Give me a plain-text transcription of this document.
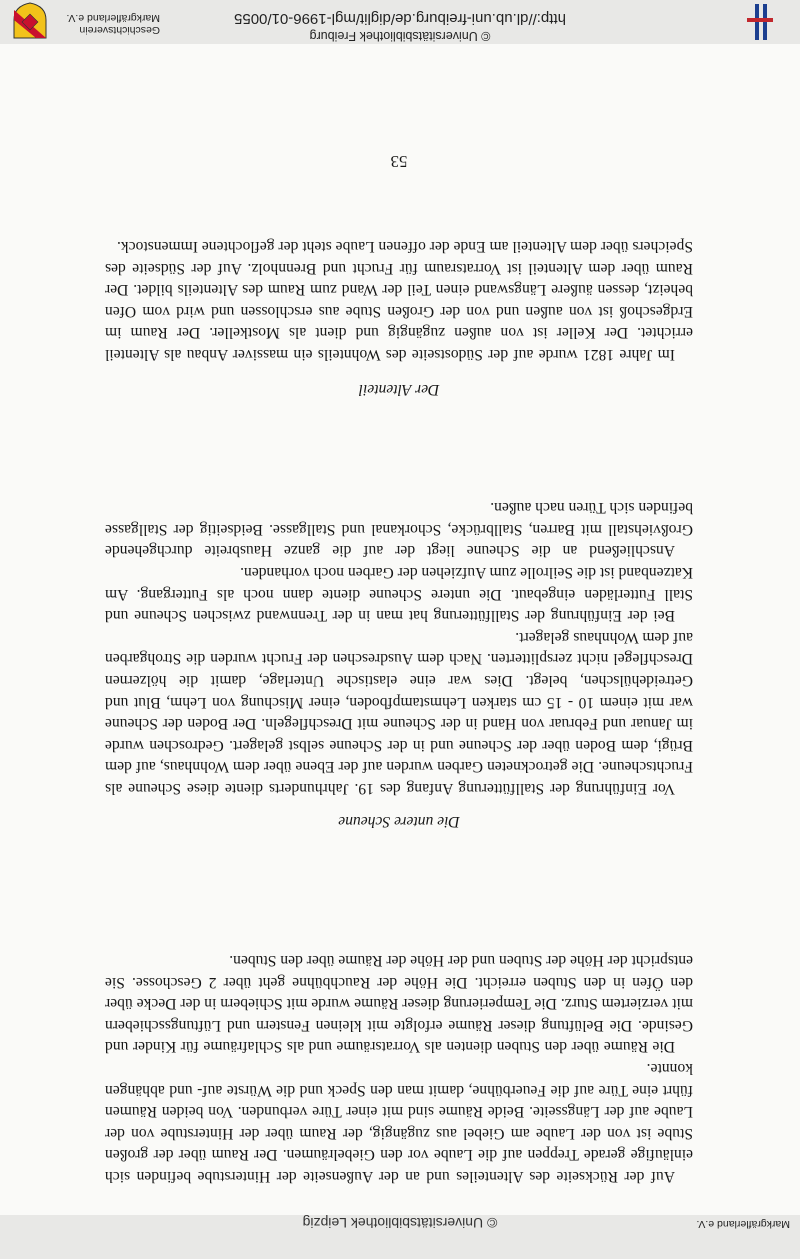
© Universitätsbibliothek Leipzig	Markgräflerland e.V.

Auf der Rückseite des Altenteiles und an der Außenseite der Hinterstube befinden sich einläufige gerade Treppen auf die Laube vor den Giebelräumen. Der Raum über der großen Stube ist von der Laube am Giebel aus zugängig, der Raum über der Hinterstube von der Laube auf der Längsseite. Beide Räume sind mit einer Türe verbunden. Von beiden Räumen führt eine Türe auf die Feuerbühne, damit man den Speck und die Würste auf- und abhängen konnte.

Die Räume über den Stuben dienten als Vorratsräume und als Schlafräume für Kinder und Gesinde. Die Belüftung dieser Räume erfolgte mit kleinen Fenstern und Lüftungsschiebern mit verziertem Sturz. Die Temperierung dieser Räume wurde mit Schiebern in der Decke über den Öfen in den Stuben erreicht. Die Höhe der Rauchbühne geht über 2 Geschosse. Sie entspricht der Höhe der Stuben und der Höhe der Räume über den Stuben.

Die untere Scheune

Vor Einführung der Stallfütterung Anfang des 19. Jahrhunderts diente diese Scheune als Fruchtscheune. Die getrockneten Garben wurden auf der Ebene über dem Wohnhaus, auf dem Brügi, dem Boden über der Scheune und in der Scheune selbst gelagert. Gedroschen wurde im Januar und Februar von Hand in der Scheune mit Dreschflegeln. Der Boden der Scheune war mit einem 10 - 15 cm starken Lehmstampfboden, einer Mischung von Lehm, Blut und Getreidehülschen, belegt. Dies war eine elastische Unterlage, damit die hölzernen Dreschflegel nicht zersplitterten. Nach dem Ausdreschen der Frucht wurden die Strohgarben auf dem Wohnhaus gelagert.

Bei der Einführung der Stallfütterung hat man in der Trennwand zwischen Scheune und Stall Futterläden eingebaut. Die untere Scheune diente dann noch als Futtergang. Am Katzenband ist die Seilrolle zum Aufziehen der Garben noch vorhanden.

Anschließend an die Scheune liegt der auf die ganze Hausbreite durchgehende Großviehstall mit Barren, Stallbrücke, Schorkanal und Stallgasse. Beidseitig der Stallgasse befinden sich Türen nach außen.

Der Altenteil

Im Jahre 1821 wurde auf der Südostseite des Wohnteils ein massiver Anbau als Altenteil errichtet. Der Keller ist von außen zugängig und dient als Mostkeller. Der Raum im Erdgeschoß ist von außen und von der Großen Stube aus erschlossen und wird vom Ofen beheizt, dessen äußere Längswand einen Teil der Wand zum Raum des Altenteils bildet. Der Raum über dem Altenteil ist Vorratsraum für Frucht und Brennholz. Auf der Südseite des Speichers über dem Altenteil am Ende der offenen Laube steht der geflochtene Immenstock.

53
© Universitätsbibliothek Freiburg
http://dl.ub.uni-freiburg.de/diglit/mgl-1996-01/0055
Geschichtsverein
Markgräflerland e.V.
